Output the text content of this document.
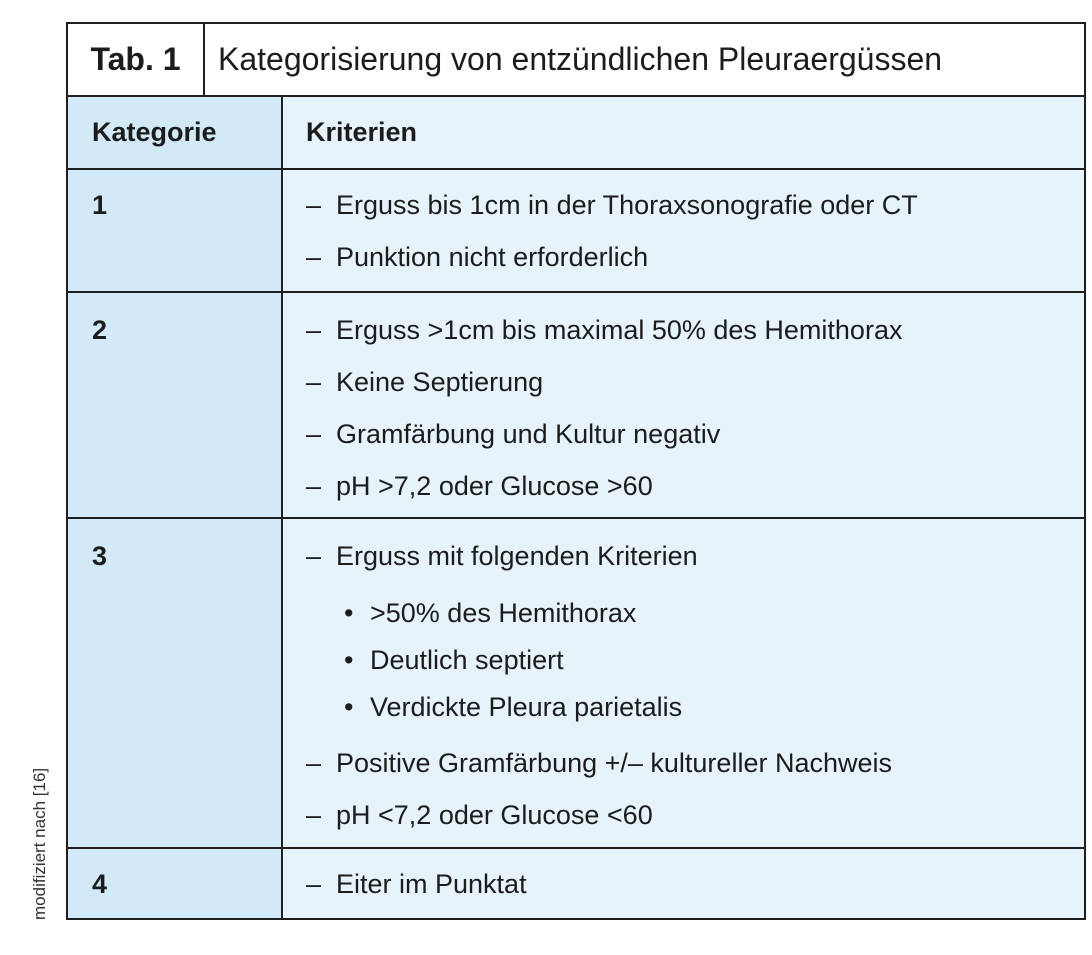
modifiziert nach [16]
Tab. 1	Kategorisierung von entzündlichen Pleuraergüssen
Kategorie	Kriterien
1	– Erguss bis 1cm in der Thoraxsonografie oder CT
– Punktion nicht erforderlich
2	– Erguss >1cm bis maximal 50% des Hemithorax
– Keine Septierung
– Gramfärbung und Kultur negativ
– pH >7,2 oder Glucose >60
3	– Erguss mit folgenden Kriterien
• >50% des Hemithorax
• Deutlich septiert
• Verdickte Pleura parietalis
– Positive Gramfärbung +/– kultureller Nachweis
– pH <7,2 oder Glucose <60
4	– Eiter im Punktat
